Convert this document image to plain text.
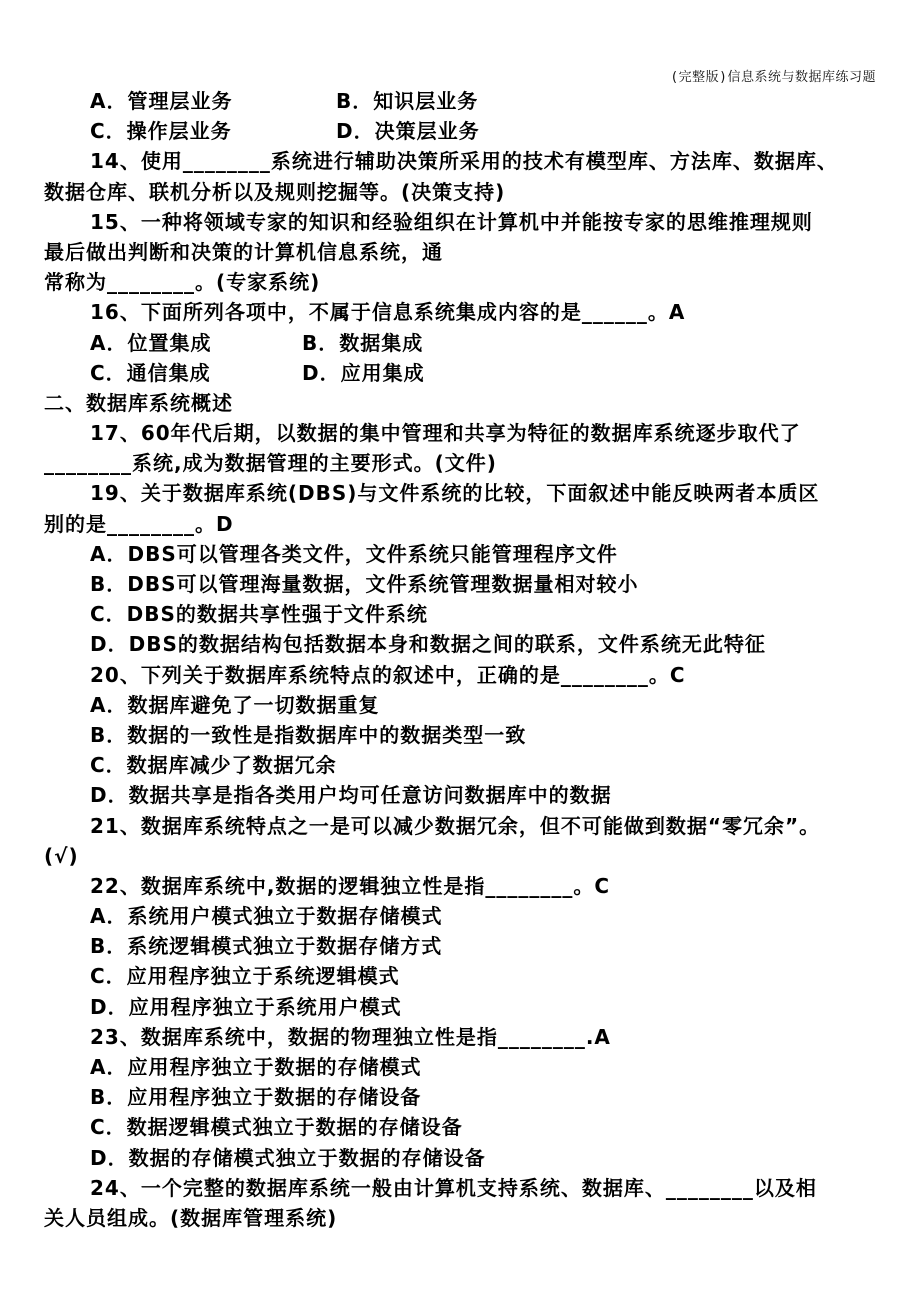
(完整版)信息系统与数据库练习题
A．管理层业务	B．知识层业务
C．操作层业务	D．决策层业务
14、使用________系统进行辅助决策所采用的技术有模型库、方法库、数据库、
数据仓库、联机分析以及规则挖掘等。(决策支持)
15、一种将领域专家的知识和经验组织在计算机中并能按专家的思维推理规则
最后做出判断和决策的计算机信息系统，通
常称为________。(专家系统)
16、下面所列各项中，不属于信息系统集成内容的是______。A
A．位置集成	B．数据集成
C．通信集成	D．应用集成
二、数据库系统概述
17、60年代后期，以数据的集中管理和共享为特征的数据库系统逐步取代了
________系统,成为数据管理的主要形式。(文件)
19、关于数据库系统(DBS)与文件系统的比较，下面叙述中能反映两者本质区
别的是________。D
A．DBS可以管理各类文件，文件系统只能管理程序文件
B．DBS可以管理海量数据，文件系统管理数据量相对较小
C．DBS的数据共享性强于文件系统
D．DBS的数据结构包括数据本身和数据之间的联系，文件系统无此特征
20、下列关于数据库系统特点的叙述中，正确的是________。C
A．数据库避免了一切数据重复
B．数据的一致性是指数据库中的数据类型一致
C．数据库减少了数据冗余
D．数据共享是指各类用户均可任意访问数据库中的数据
21、数据库系统特点之一是可以减少数据冗余，但不可能做到数据“零冗余”。
(√)
22、数据库系统中,数据的逻辑独立性是指________。C
A．系统用户模式独立于数据存储模式
B．系统逻辑模式独立于数据存储方式
C．应用程序独立于系统逻辑模式
D．应用程序独立于系统用户模式
23、数据库系统中，数据的物理独立性是指________.A
A．应用程序独立于数据的存储模式
B．应用程序独立于数据的存储设备
C．数据逻辑模式独立于数据的存储设备
D．数据的存储模式独立于数据的存储设备
24、一个完整的数据库系统一般由计算机支持系统、数据库、________以及相
关人员组成。(数据库管理系统)
